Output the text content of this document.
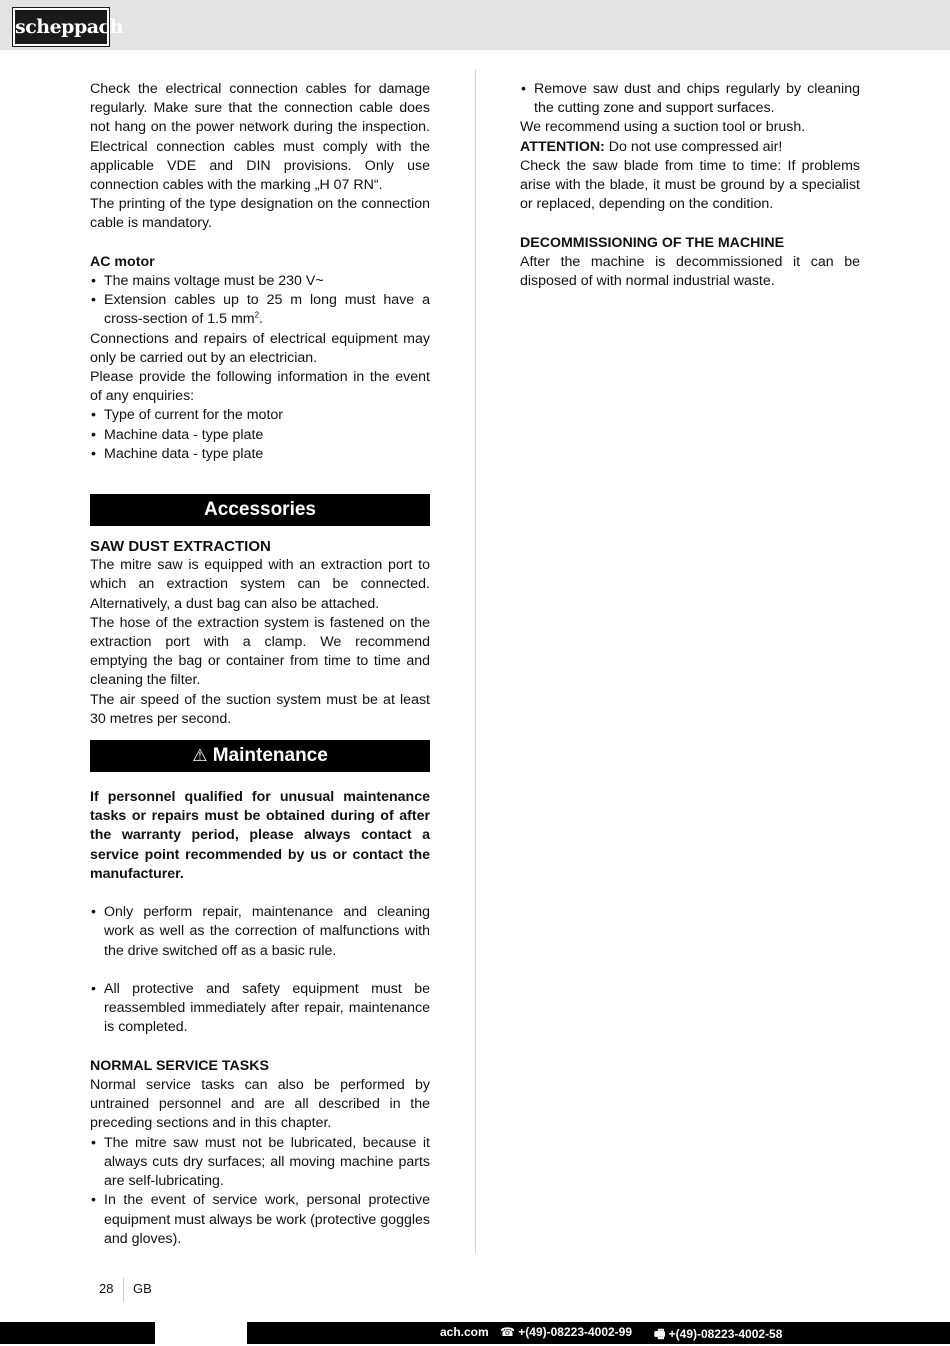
scheppach

Check the electrical connection cables for damage regularly. Make sure that the connection cable does not hang on the power network during the inspection. Electrical connection cables must comply with the applicable VDE and DIN provisions. Only use connection cables with the marking „H 07 RN“.

The printing of the type designation on the connection cable is mandatory.

AC motor

• The mains voltage must be 230 V~
• Extension cables up to 25 m long must have a cross-section of 1.5 $mm^2$.

Connections and repairs of electrical equipment may only be carried out by an electrician.

Please provide the following information in the event of any enquiries:

• Type of current for the motor
• Machine data - type plate
• Machine data - type plate
Accessories

SAW DUST EXTRACTION

The mitre saw is equipped with an extraction port to which an extraction system can be connected. Alternatively, a dust bag can also be attached.

The hose of the extraction system is fastened on the extraction port with a clamp. We recommend emptying the bag or container from time to time and cleaning the filter.

The air speed of the suction system must be at least 30 metres per second.

⚠ Maintenance

If personnel qualified for unusual maintenance tasks or repairs must be obtained during of after the warranty period, please always contact a service point recommended by us or contact the manufacturer.

• Only perform repair, maintenance and cleaning work as well as the correction of malfunctions with the drive switched off as a basic rule.
• All protective and safety equipment must be reassembled immediately after repair, maintenance is completed.

NORMAL SERVICE TASKS

Normal service tasks can also be performed by untrained personnel and are all described in the preceding sections and in this chapter.

• The mitre saw must not be lubricated, because it always cuts dry surfaces; all moving machine parts are self-lubricating.
• In the event of service work, personal protective equipment must always be work (protective goggles and gloves).
• Remove saw dust and chips regularly by cleaning the cutting zone and support surfaces.

We recommend using a suction tool or brush.

ATTENTION: Do not use compressed air!

Check the saw blade from time to time: If problems arise with the blade, it must be ground by a specialist or replaced, depending on the condition.

DECOMMISSIONING OF THE MACHINE

After the machine is decommissioned it can be disposed of with normal industrial waste.

28 GB
ach.com ☎ +(49)-08223-4002-99 🖷 +(49)-08223-4002-58
